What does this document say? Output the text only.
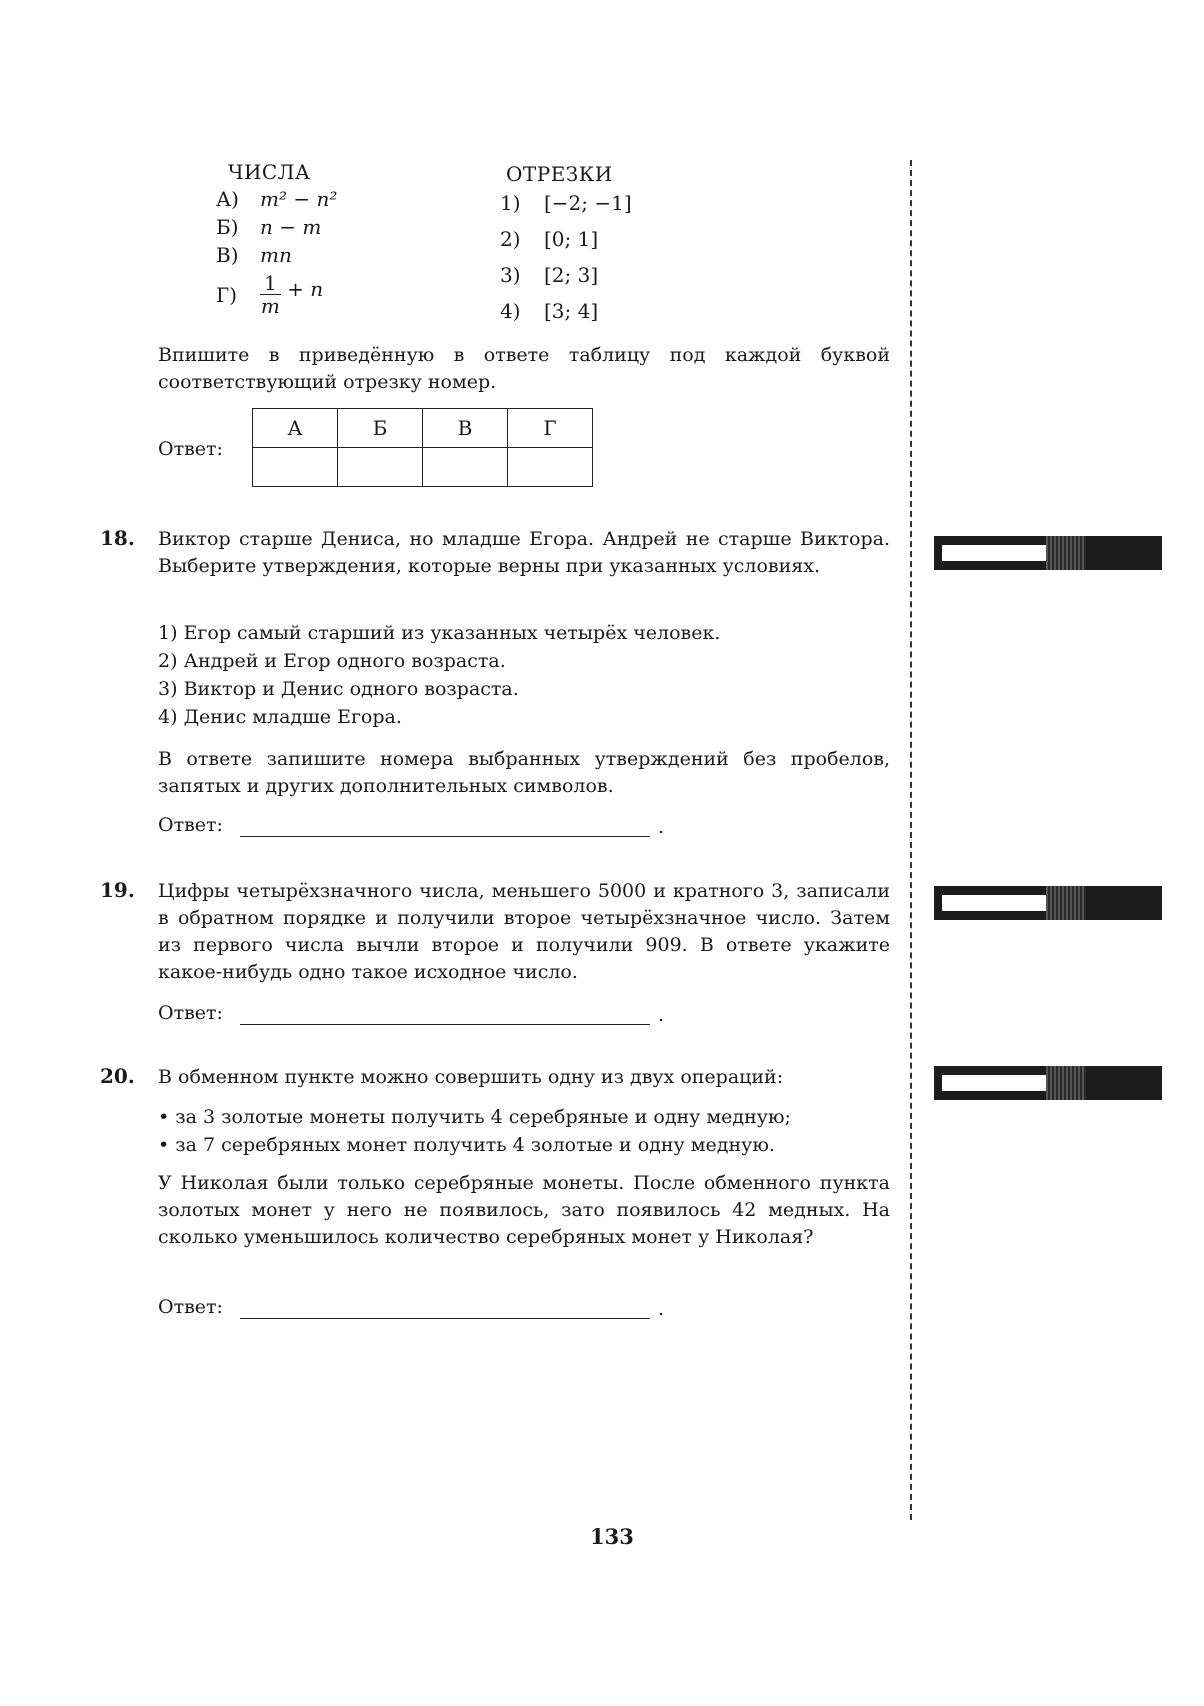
ЧИСЛА	ОТРЕЗКИ
А) m² − n²
Б) n − m
В) mn
$Г) \frac{1}{m} + n$
1) [−2; −1]
2) [0; 1]
3) [2; 3]
4) [3; 4]
Впишите в приведённую в ответе таблицу под каждой буквой соответствующий отрезку номер.
Ответ:
А	Б	В	Г

18. Виктор старше Дениса, но младше Егора. Андрей не старше Виктора. Выберите утверждения, которые верны при указанных условиях.
1) Егор самый старший из указанных четырёх человек.
2) Андрей и Егор одного возраста.
3) Виктор и Денис одного возраста.
4) Денис младше Егора.
В ответе запишите номера выбранных утверждений без пробелов, запятых и других дополнительных символов.
Ответ:	.
19. Цифры четырёхзначного числа, меньшего 5000 и кратного 3, записали в обратном порядке и получили второе четырёхзначное число. Затем из первого числа вычли второе и получили 909. В ответе укажите какое-нибудь одно такое исходное число.
Ответ:	.
20. В обменном пункте можно совершить одну из двух операций:
• за 3 золотые монеты получить 4 серебряные и одну медную;
• за 7 серебряных монет получить 4 золотые и одну медную.
У Николая были только серебряные монеты. После обменного пункта золотых монет у него не появилось, зато появилось 42 медных. На сколько уменьшилось количество серебряных монет у Николая?
Ответ:	.
133
